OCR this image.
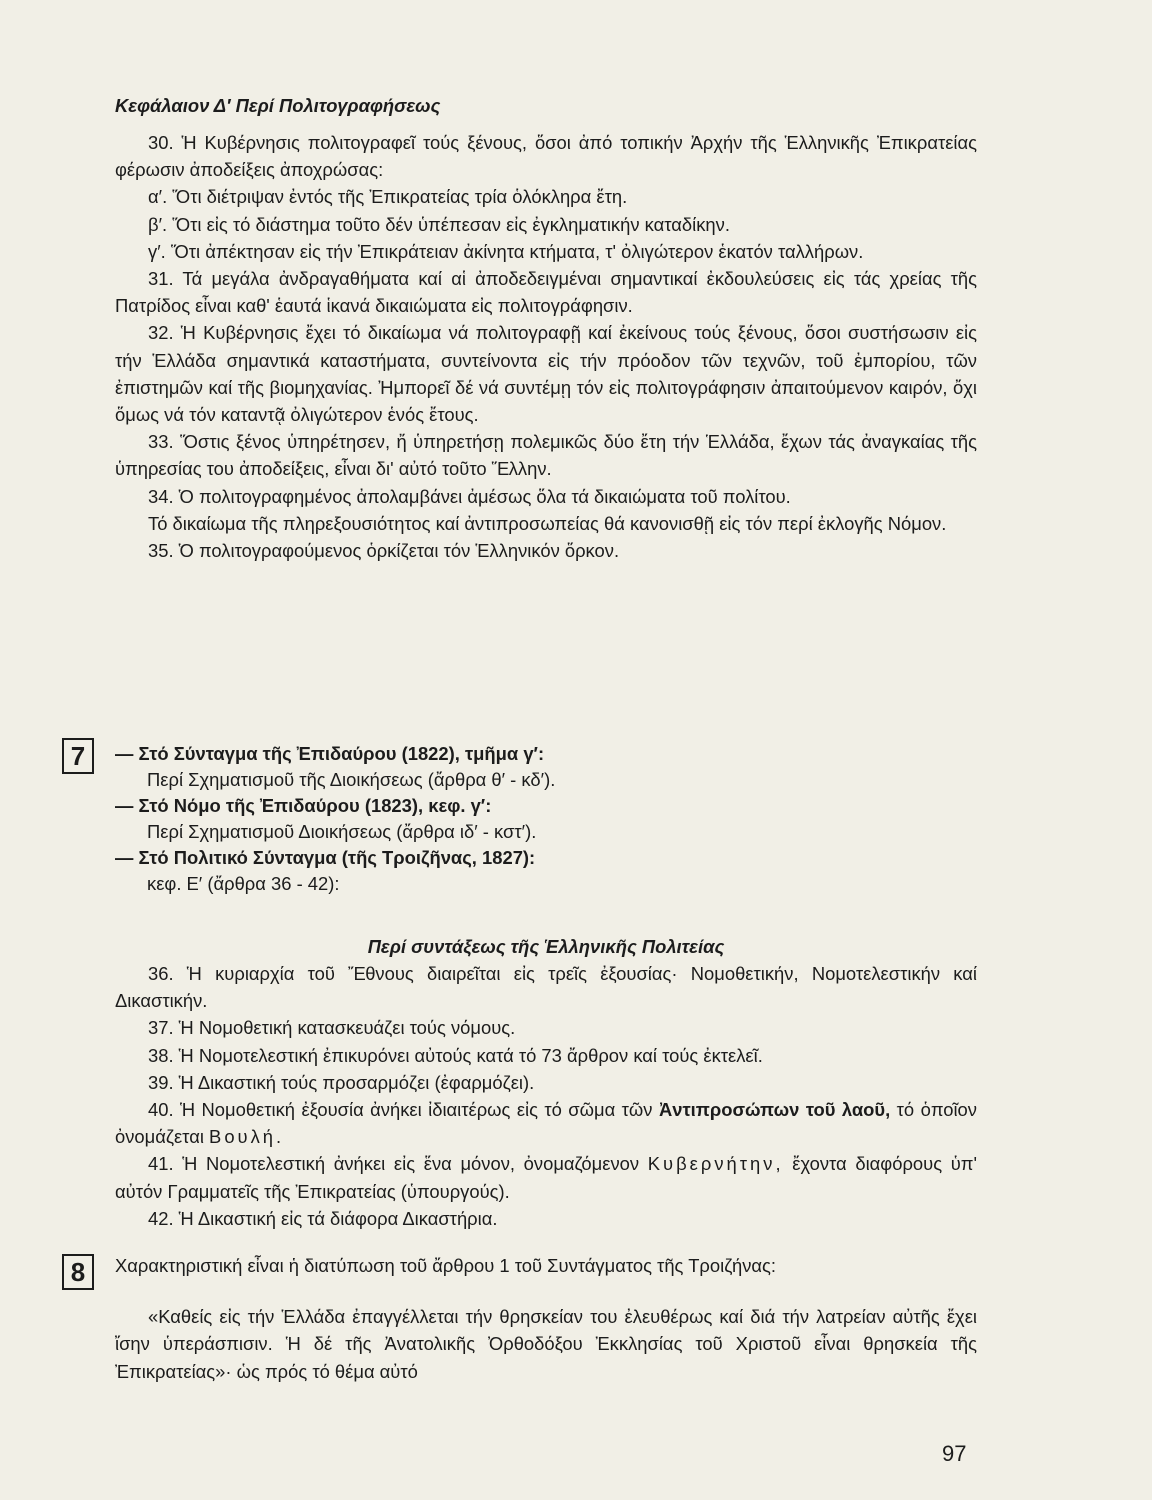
Κεφάλαιον Δ′ Περί Πολιτογραφήσεως

30. Ἡ Κυβέρνησις πολιτογραφεῖ τούς ξένους, ὅσοι ἀπό τοπικήν Ἀρχήν τῆς Ἑλληνικῆς Ἐπικρατείας φέρωσιν ἀποδείξεις ἀποχρώσας:

α′. Ὅτι διέτριψαν ἐντός τῆς Ἐπικρατείας τρία ὁλόκληρα ἔτη.

β′. Ὅτι εἰς τό διάστημα τοῦτο δέν ὑπέπεσαν εἰς ἐγκληματικήν καταδίκην.

γ′. Ὅτι ἀπέκτησαν εἰς τήν Ἐπικράτειαν ἀκίνητα κτήματα, τ' ὀλιγώτερον ἑκατόν ταλλήρων.

31. Τά μεγάλα ἀνδραγαθήματα καί αἱ ἀποδεδειγμέναι σημαντικαί ἐκδουλεύσεις εἰς τάς χρείας τῆς Πατρίδος εἶναι καθ' ἑαυτά ἱκανά δικαιώματα εἰς πολιτογράφησιν.

32. Ἡ Κυβέρνησις ἔχει τό δικαίωμα νά πολιτογραφῇ καί ἐκείνους τούς ξένους, ὅσοι συστήσωσιν εἰς τήν Ἑλλάδα σημαντικά καταστήματα, συντείνοντα εἰς τήν πρόοδον τῶν τεχνῶν, τοῦ ἐμπορίου, τῶν ἐπιστημῶν καί τῆς βιομηχανίας. Ἠμπορεῖ δέ νά συντέμῃ τόν εἰς πολιτογράφησιν ἀπαιτούμενον καιρόν, ὄχι ὅμως νά τόν καταντᾷ ὀλιγώτερον ἑνός ἔτους.

33. Ὅστις ξένος ὑπηρέτησεν, ἤ ὑπηρετήσῃ πολεμικῶς δύο ἔτη τήν Ἑλλάδα, ἔχων τάς ἀναγκαίας τῆς ὑπηρεσίας του ἀποδείξεις, εἶναι δι' αὐτό τοῦτο Ἕλλην.

34. Ὁ πολιτογραφημένος ἀπολαμβάνει ἀμέσως ὅλα τά δικαιώματα τοῦ πολίτου.

Τό δικαίωμα τῆς πληρεξουσιότητος καί ἀντιπροσωπείας θά κανονισθῇ εἰς τόν περί ἐκλογῆς Νόμον.

35. Ὁ πολιτογραφούμενος ὁρκίζεται τόν Ἑλληνικόν ὅρκον.

7	— Στό Σύνταγμα τῆς Ἐπιδαύρου (1822), τμῆμα γ′:

Περί Σχηματισμοῦ τῆς Διοικήσεως (ἄρθρα θ′ - κδ′).

— Στό Νόμο τῆς Ἐπιδαύρου (1823), κεφ. γ′:

Περί Σχηματισμοῦ Διοικήσεως (ἄρθρα ιδ′ - κστ′).

— Στό Πολιτικό Σύνταγμα (τῆς Τροιζῆνας, 1827):

κεφ. Ε′ (ἄρθρα 36 - 42):

Περί συντάξεως τῆς Ἑλληνικῆς Πολιτείας

36. Ἡ κυριαρχία τοῦ Ἔθνους διαιρεῖται εἰς τρεῖς ἐξουσίας· Νομοθετικήν, Νομοτελεστικήν καί Δικαστικήν.

37. Ἡ Νομοθετική κατασκευάζει τούς νόμους.

38. Ἡ Νομοτελεστική ἐπικυρόνει αὐτούς κατά τό 73 ἄρθρον καί τούς ἐκτελεῖ.

39. Ἡ Δικαστική τούς προσαρμόζει (ἐφαρμόζει).

40. Ἡ Νομοθετική ἐξουσία ἀνήκει ἰδιαιτέρως εἰς τό σῶμα τῶν Ἀντιπροσώπων τοῦ λαοῦ, τό ὁποῖον ὀνομάζεται Βουλή.

41. Ἡ Νομοτελεστική ἀνήκει εἰς ἕνα μόνον, ὀνομαζόμενον Κυβερνήτην, ἔχοντα διαφόρους ὑπ' αὐτόν Γραμματεῖς τῆς Ἐπικρατείας (ὑπουργούς).

42. Ἡ Δικαστική εἰς τά διάφορα Δικαστήρια.

8	Χαρακτηριστική εἶναι ἡ διατύπωση τοῦ ἄρθρου 1 τοῦ Συντάγματος τῆς Τροιζήνας:

«Καθείς εἰς τήν Ἑλλάδα ἐπαγγέλλεται τήν θρησκείαν του ἐλευθέρως καί διά τήν λατρείαν αὐτῆς ἔχει ἴσην ὑπεράσπισιν. Ἡ δέ τῆς Ἀνατολικῆς Ὀρθοδόξου Ἐκκλησίας τοῦ Χριστοῦ εἶναι θρησκεία τῆς Ἐπικρατείας»· ὡς πρός τό θέμα αὐτό

97
